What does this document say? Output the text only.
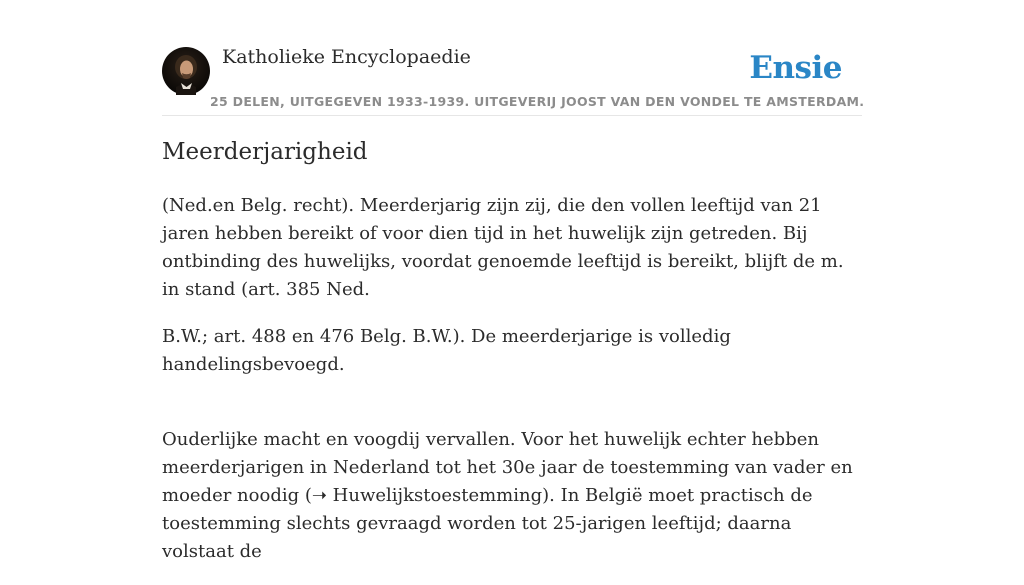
Katholieke Encyclopaedie
25 DELEN, UITGEGEVEN 1933-1939. UITGEVERIJ JOOST VAN DEN VONDEL TE AMSTERDAM.
Ensie
Meerderjarigheid

(Ned.en Belg. recht). Meerderjarig zijn zij, die den vollen leeftijd van 21 jaren hebben bereikt of voor dien tijd in het huwelijk zijn getreden. Bij ontbinding des huwelijks, voordat genoemde leeftijd is bereikt, blijft de m. in stand (art. 385 Ned.

B.W.; art. 488 en 476 Belg. B.W.). De meerderjarige is volledig handelingsbevoegd.

Ouderlijke macht en voogdij vervallen. Voor het huwelijk echter hebben meerderjarigen in Nederland tot het 30e jaar de toestemming van vader en moeder noodig (➝ Huwelijkstoestemming). In België moet practisch de toestemming slechts gevraagd worden tot 25-jarigen leeftijd; daarna volstaat de
